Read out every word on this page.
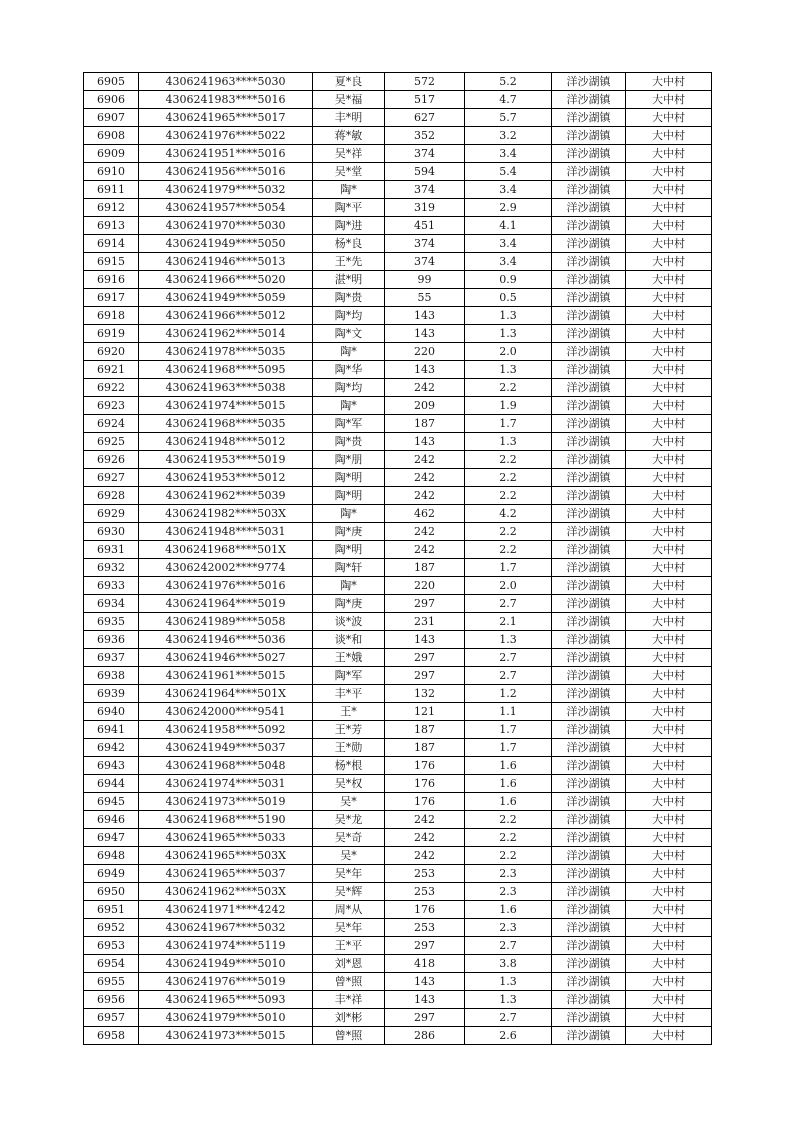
6905	4306241963****5030	夏*良	572	5.2	洋沙湖镇	大中村
6906	4306241983****5016	吴*福	517	4.7	洋沙湖镇	大中村
6907	4306241965****5017	丰*明	627	5.7	洋沙湖镇	大中村
6908	4306241976****5022	蒋*敏	352	3.2	洋沙湖镇	大中村
6909	4306241951****5016	吴*祥	374	3.4	洋沙湖镇	大中村
6910	4306241956****5016	吴*堂	594	5.4	洋沙湖镇	大中村
6911	4306241979****5032	陶*	374	3.4	洋沙湖镇	大中村
6912	4306241957****5054	陶*平	319	2.9	洋沙湖镇	大中村
6913	4306241970****5030	陶*进	451	4.1	洋沙湖镇	大中村
6914	4306241949****5050	杨*良	374	3.4	洋沙湖镇	大中村
6915	4306241946****5013	王*先	374	3.4	洋沙湖镇	大中村
6916	4306241966****5020	湛*明	99	0.9	洋沙湖镇	大中村
6917	4306241949****5059	陶*贵	55	0.5	洋沙湖镇	大中村
6918	4306241966****5012	陶*均	143	1.3	洋沙湖镇	大中村
6919	4306241962****5014	陶*文	143	1.3	洋沙湖镇	大中村
6920	4306241978****5035	陶*	220	2.0	洋沙湖镇	大中村
6921	4306241968****5095	陶*华	143	1.3	洋沙湖镇	大中村
6922	4306241963****5038	陶*均	242	2.2	洋沙湖镇	大中村
6923	4306241974****5015	陶*	209	1.9	洋沙湖镇	大中村
6924	4306241968****5035	陶*军	187	1.7	洋沙湖镇	大中村
6925	4306241948****5012	陶*贵	143	1.3	洋沙湖镇	大中村
6926	4306241953****5019	陶*朋	242	2.2	洋沙湖镇	大中村
6927	4306241953****5012	陶*明	242	2.2	洋沙湖镇	大中村
6928	4306241962****5039	陶*明	242	2.2	洋沙湖镇	大中村
6929	4306241982****503X	陶*	462	4.2	洋沙湖镇	大中村
6930	4306241948****5031	陶*庚	242	2.2	洋沙湖镇	大中村
6931	4306241968****501X	陶*明	242	2.2	洋沙湖镇	大中村
6932	4306242002****9774	陶*轩	187	1.7	洋沙湖镇	大中村
6933	4306241976****5016	陶*	220	2.0	洋沙湖镇	大中村
6934	4306241964****5019	陶*庚	297	2.7	洋沙湖镇	大中村
6935	4306241989****5058	谈*波	231	2.1	洋沙湖镇	大中村
6936	4306241946****5036	谈*和	143	1.3	洋沙湖镇	大中村
6937	4306241946****5027	王*娥	297	2.7	洋沙湖镇	大中村
6938	4306241961****5015	陶*军	297	2.7	洋沙湖镇	大中村
6939	4306241964****501X	丰*平	132	1.2	洋沙湖镇	大中村
6940	4306242000****9541	王*	121	1.1	洋沙湖镇	大中村
6941	4306241958****5092	王*芳	187	1.7	洋沙湖镇	大中村
6942	4306241949****5037	王*勋	187	1.7	洋沙湖镇	大中村
6943	4306241968****5048	杨*根	176	1.6	洋沙湖镇	大中村
6944	4306241974****5031	吴*权	176	1.6	洋沙湖镇	大中村
6945	4306241973****5019	吴*	176	1.6	洋沙湖镇	大中村
6946	4306241968****5190	吴*龙	242	2.2	洋沙湖镇	大中村
6947	4306241965****5033	吴*奇	242	2.2	洋沙湖镇	大中村
6948	4306241965****503X	吴*	242	2.2	洋沙湖镇	大中村
6949	4306241965****5037	吴*年	253	2.3	洋沙湖镇	大中村
6950	4306241962****503X	吴*辉	253	2.3	洋沙湖镇	大中村
6951	4306241971****4242	周*从	176	1.6	洋沙湖镇	大中村
6952	4306241967****5032	吴*年	253	2.3	洋沙湖镇	大中村
6953	4306241974****5119	王*平	297	2.7	洋沙湖镇	大中村
6954	4306241949****5010	刘*恩	418	3.8	洋沙湖镇	大中村
6955	4306241976****5019	曾*照	143	1.3	洋沙湖镇	大中村
6956	4306241965****5093	丰*祥	143	1.3	洋沙湖镇	大中村
6957	4306241979****5010	刘*彬	297	2.7	洋沙湖镇	大中村
6958	4306241973****5015	曾*照	286	2.6	洋沙湖镇	大中村
